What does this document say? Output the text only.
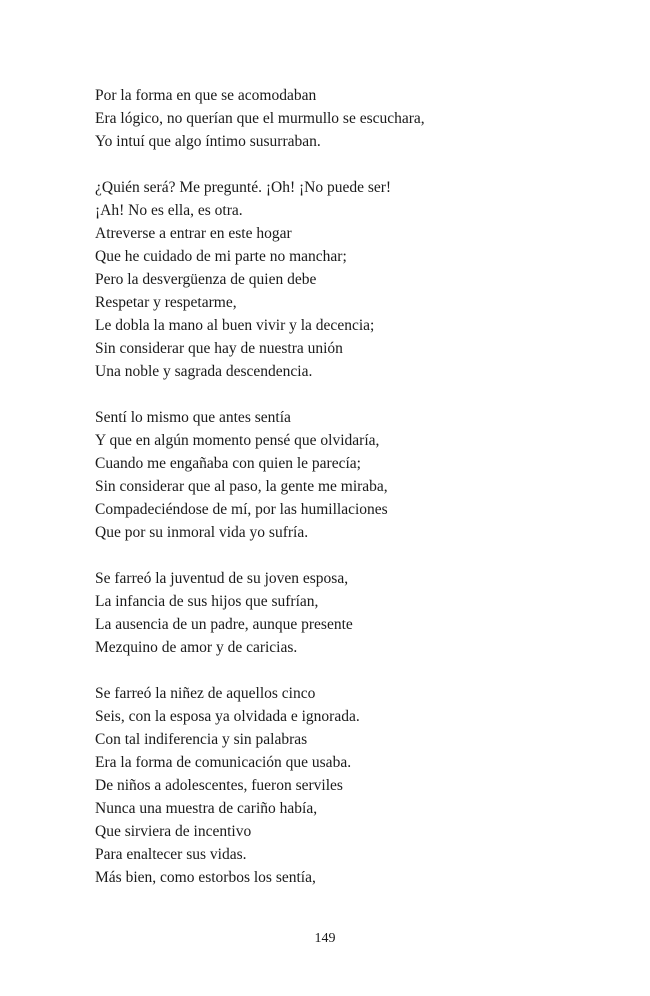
Por la forma en que se acomodaban
Era lógico, no querían que el murmullo se escuchara,
Yo intuí que algo íntimo susurraban.
¿Quién será? Me pregunté. ¡Oh! ¡No puede ser!
¡Ah! No es ella, es otra.
Atreverse a entrar en este hogar
Que he cuidado de mi parte no manchar;
Pero la desvergüenza de quien debe
Respetar y respetarme,
Le dobla la mano al buen vivir y la decencia;
Sin considerar que hay de nuestra unión
Una noble y sagrada descendencia.
Sentí lo mismo que antes sentía
Y que en algún momento pensé que olvidaría,
Cuando me engañaba con quien le parecía;
Sin considerar que al paso, la gente me miraba,
Compadeciéndose de mí, por las humillaciones
Que por su inmoral vida yo sufría.
Se farreó la juventud de su joven esposa,
La infancia de sus hijos que sufrían,
La ausencia de un padre, aunque presente
Mezquino de amor y de caricias.
Se farreó la niñez de aquellos cinco
Seis, con la esposa ya olvidada e ignorada.
Con tal indiferencia y sin palabras
Era la forma de comunicación que usaba.
De niños a adolescentes, fueron serviles
Nunca una muestra de cariño había,
Que sirviera de incentivo
Para enaltecer sus vidas.
Más bien, como estorbos los sentía,
149
